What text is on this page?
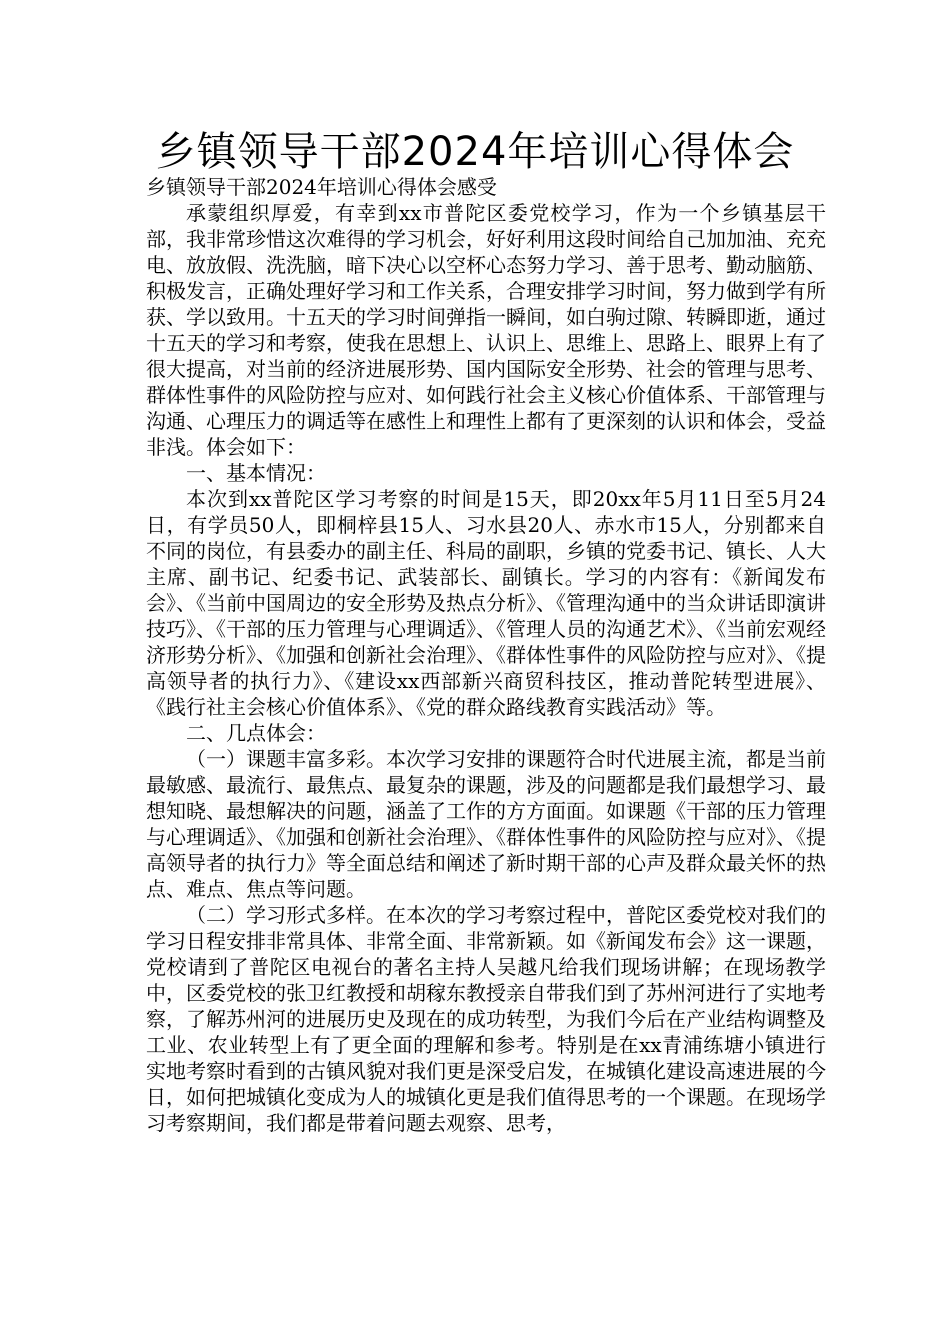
乡镇领导干部2024年培训心得体会

乡镇领导干部2024年培训心得体会感受

承蒙组织厚爱，有幸到xx市普陀区委党校学习，作为一个乡镇基层干部，我非常珍惜这次难得的学习机会，好好利用这段时间给自己加加油、充充电、放放假、洗洗脑，暗下决心以空杯心态努力学习、善于思考、勤动脑筋、积极发言，正确处理好学习和工作关系，合理安排学习时间，努力做到学有所获、学以致用。十五天的学习时间弹指一瞬间，如白驹过隙、转瞬即逝，通过十五天的学习和考察，使我在思想上、认识上、思维上、思路上、眼界上有了很大提高，对当前的经济进展形势、国内国际安全形势、社会的管理与思考、群体性事件的风险防控与应对、如何践行社会主义核心价值体系、干部管理与沟通、心理压力的调适等在感性上和理性上都有了更深刻的认识和体会，受益非浅。体会如下：

一、基本情况：

本次到xx普陀区学习考察的时间是15天，即20xx年5月11日至5月24日，有学员50人，即桐梓县15人、习水县20人、赤水市15人，分别都来自不同的岗位，有县委办的副主任、科局的副职，乡镇的党委书记、镇长、人大主席、副书记、纪委书记、武装部长、副镇长。学习的内容有：《新闻发布会》、《当前中国周边的安全形势及热点分析》、《管理沟通中的当众讲话即演讲技巧》、《干部的压力管理与心理调适》、《管理人员的沟通艺术》、《当前宏观经济形势分析》、《加强和创新社会治理》、《群体性事件的风险防控与应对》、《提高领导者的执行力》、《建设xx西部新兴商贸科技区，推动普陀转型进展》、《践行社主会核心价值体系》、《党的群众路线教育实践活动》等。

二、几点体会：

（一）课题丰富多彩。本次学习安排的课题符合时代进展主流，都是当前最敏感、最流行、最焦点、最复杂的课题，涉及的问题都是我们最想学习、最想知晓、最想解决的问题，涵盖了工作的方方面面。如课题《干部的压力管理与心理调适》、《加强和创新社会治理》、《群体性事件的风险防控与应对》、《提高领导者的执行力》等全面总结和阐述了新时期干部的心声及群众最关怀的热点、难点、焦点等问题。

（二）学习形式多样。在本次的学习考察过程中，普陀区委党校对我们的学习日程安排非常具体、非常全面、非常新颖。如《新闻发布会》这一课题，党校请到了普陀区电视台的著名主持人吴越凡给我们现场讲解；在现场教学中，区委党校的张卫红教授和胡稼东教授亲自带我们到了苏州河进行了实地考察，了解苏州河的进展历史及现在的成功转型，为我们今后在产业结构调整及工业、农业转型上有了更全面的理解和参考。特别是在xx青浦练塘小镇进行实地考察时看到的古镇风貌对我们更是深受启发，在城镇化建设高速进展的今日，如何把城镇化变成为人的城镇化更是我们值得思考的一个课题。在现场学习考察期间，我们都是带着问题去观察、思考，
